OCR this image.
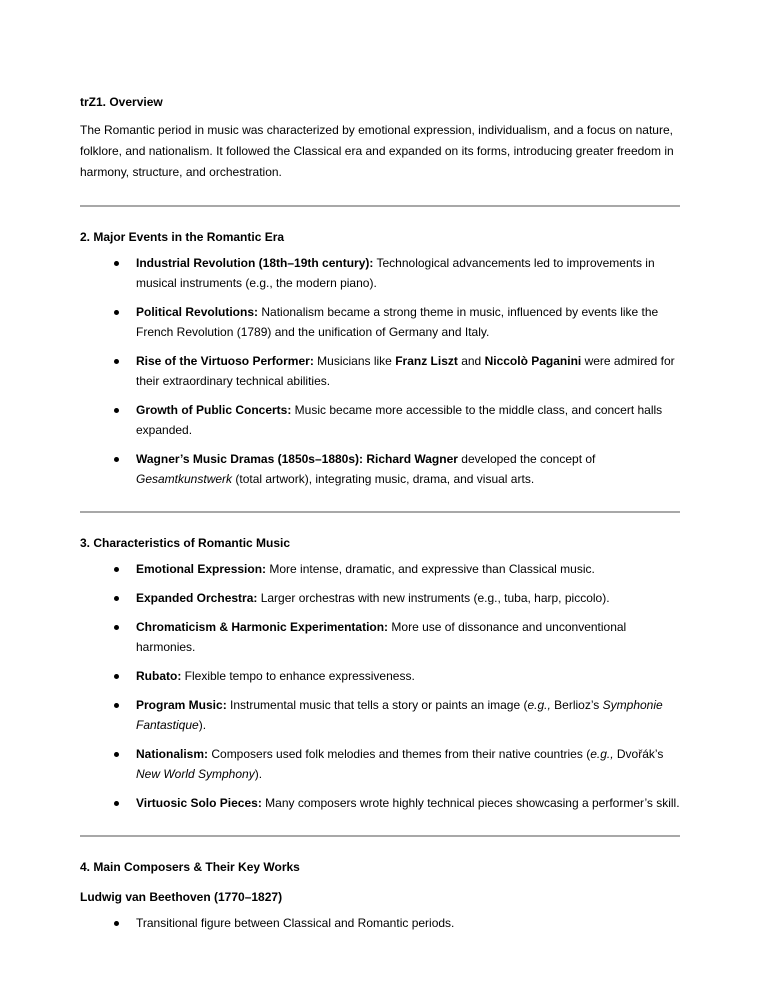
trZ1. Overview

The Romantic period in music was characterized by emotional expression, individualism, and a focus on nature, folklore, and nationalism. It followed the Classical era and expanded on its forms, introducing greater freedom in harmony, structure, and orchestration.

2. Major Events in the Romantic Era
Industrial Revolution (18th–19th century): Technological advancements led to improvements in musical instruments (e.g., the modern piano).
Political Revolutions: Nationalism became a strong theme in music, influenced by events like the French Revolution (1789) and the unification of Germany and Italy.
Rise of the Virtuoso Performer: Musicians like Franz Liszt and Niccolò Paganini were admired for their extraordinary technical abilities.
Growth of Public Concerts: Music became more accessible to the middle class, and concert halls expanded.
Wagner’s Music Dramas (1850s–1880s): Richard Wagner developed the concept of Gesamtkunstwerk (total artwork), integrating music, drama, and visual arts.
3. Characteristics of Romantic Music
Emotional Expression: More intense, dramatic, and expressive than Classical music.
Expanded Orchestra: Larger orchestras with new instruments (e.g., tuba, harp, piccolo).
Chromaticism & Harmonic Experimentation: More use of dissonance and unconventional harmonies.
Rubato: Flexible tempo to enhance expressiveness.
Program Music: Instrumental music that tells a story or paints an image (e.g., Berlioz’s Symphonie Fantastique).
Nationalism: Composers used folk melodies and themes from their native countries (e.g., Dvořák’s New World Symphony).
Virtuosic Solo Pieces: Many composers wrote highly technical pieces showcasing a performer’s skill.
4. Main Composers & Their Key Works
Ludwig van Beethoven (1770–1827)
Transitional figure between Classical and Romantic periods.
